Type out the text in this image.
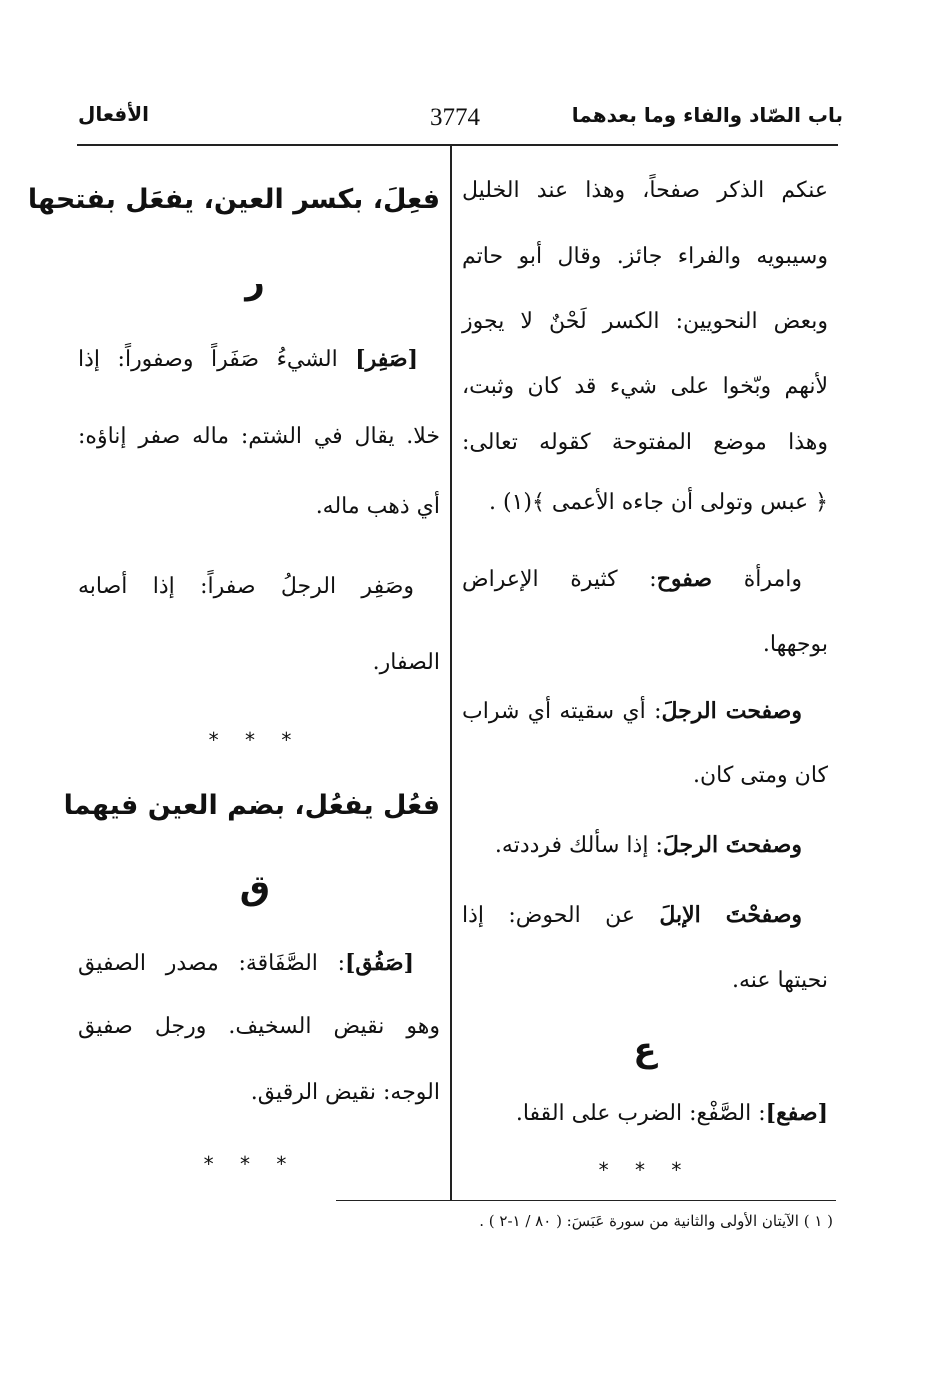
باب الصّاد والفاء وما بعدهما
3774
الأفعال
عنكم الذكر صفحاً، وهذا عند الخليل
وسيبويه والفراء جائز. وقال أبو حاتم
وبعض النحويين: الكسر لَحْنٌ لا يجوز
لأنهم وبّخوا على شيء قد كان وثبت،
وهذا موضع المفتوحة كقوله تعالى:
﴿ عبس وتولى أن جاءه الأعمى ﴾(١) .
وامرأة صفوح: كثيرة الإعراض
بوجهها.
وصفحت الرجلَ: أي سقيته أي شراب
كان ومتى كان.
وصفحتَ الرجلَ: إذا سألك فرددته.
وصفحْتَ الإبلَ عن الحوض: إذا
نحيتها عنه.
ع
[صفع]: الصَّفْع: الضرب على القفا.
* * *
فعِلَ، بكسر العين، يفعَل بفتحها
ر
[صَفِر] الشيءُ صَفَراً وصفوراً: إذا
خلا. يقال في الشتم: ماله صفر إناؤه:
أي ذهب ماله.
وصَفِر الرجلُ صفراً: إذا أصابه
الصفار.
* * *
فعُل يفعُل، بضم العين فيهما
ق
[صَفُق]: الصَّفَاقة: مصدر الصفيق
وهو نقيض السخيف. ورجل صفيق
الوجه: نقيض الرقيق.
* * *
( ١ ) الآيتان الأولى والثانية من سورة عَبَسَ: ( ٨٠ / ١-٢ ) .
